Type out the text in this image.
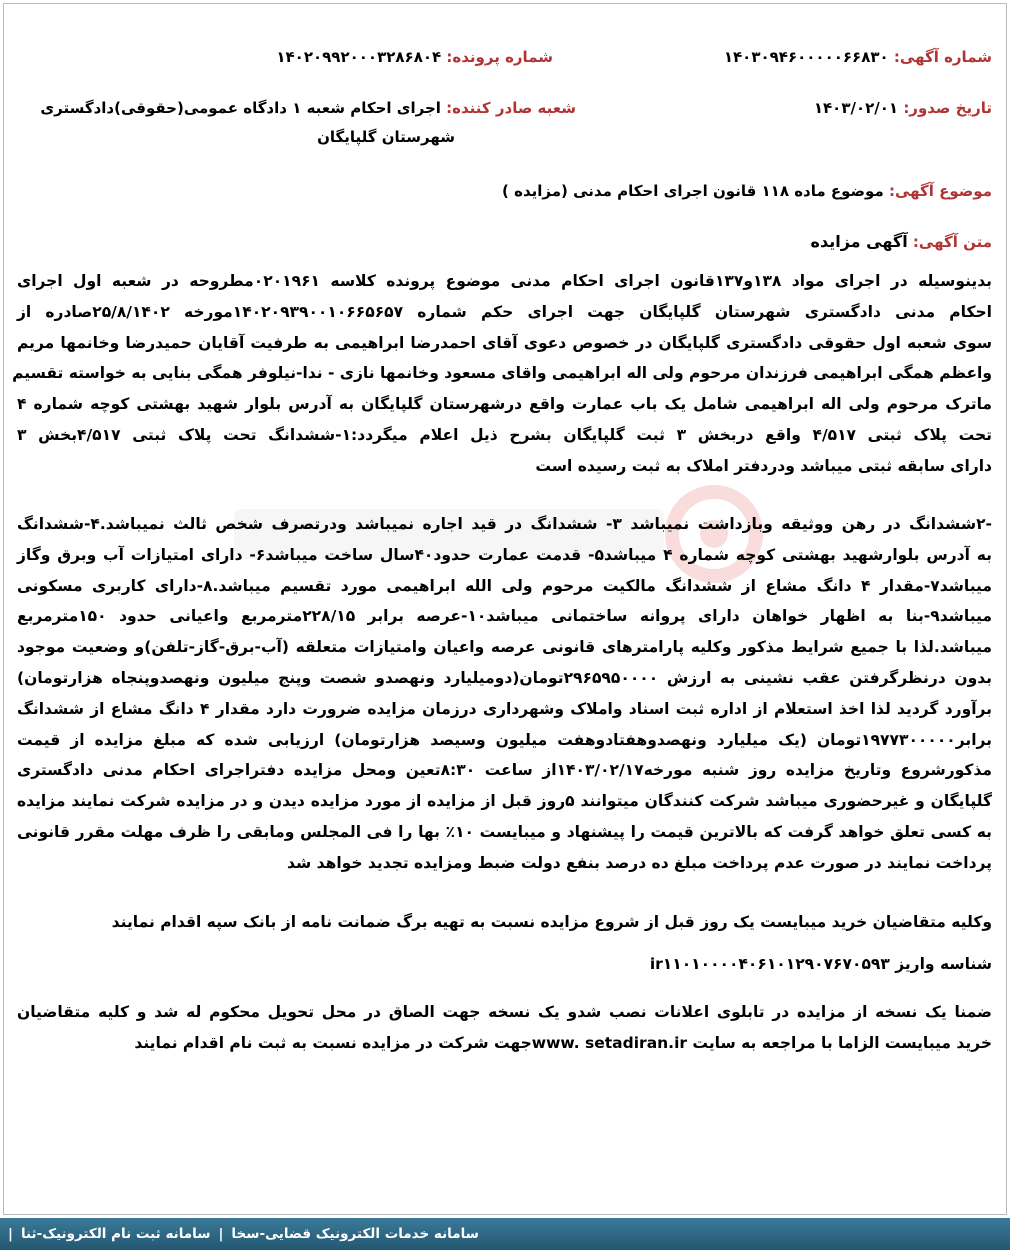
شماره آگهی: ۱۴۰۳۰۹۴۶۰۰۰۰۰۶۶۸۳۰
شماره پرونده: ۱۴۰۲۰۹۹۲۰۰۰۳۲۸۶۸۰۴
تاریخ صدور: ۱۴۰۳/۰۲/۰۱
شعبه صادر کننده: اجرای احکام شعبه ۱ دادگاه عمومی(حقوقی)دادگستری
شهرستان گلپایگان
موضوع آگهی: موضوع ماده ۱۱۸ قانون اجرای احکام مدنی (مزایده )
متن آگهی: آگهی مزایده
بدینوسیله در اجرای مواد ۱۳۸و۱۳۷قانون اجرای احکام مدنی موضوع پرونده کلاسه ۰۲۰۱۹۶۱مطروحه در شعبه اول اجرای
احکام مدنی دادگستری شهرستان گلپایگان جهت اجرای حکم شماره ۱۴۰۲۰۹۳۹۰۰۱۰۶۶۵۶۵۷مورخه ۲۵/۸/۱۴۰۲صادره از
سوی شعبه اول حقوقی دادگستری گلپایگان در خصوص دعوی آقای احمدرضا ابراهیمی به طرفیت آقایان حمیدرضا وخانمها مریم
واعظم همگی ابراهیمی فرزندان مرحوم ولی اله ابراهیمی واقای مسعود وخانمها نازی - ندا-نیلوفر همگی بنایی به خواسته تقسیم
ماترک مرحوم ولی اله ابراهیمی شامل یک باب عمارت واقع درشهرستان گلپایگان به آدرس بلوار شهید بهشتی کوچه شماره ۴
تحت پلاک ثبتی ۴/۵۱۷ واقع دربخش ۳ ثبت گلپایگان بشرح ذیل اعلام میگردد:۱-ششدانگ تحت پلاک ثبتی ۴/۵۱۷بخش ۳
دارای سابقه ثبتی میباشد ودردفتر املاک به ثبت رسیده است
-۲ششدانگ در رهن ووثیقه وبازداشت نمیباشد ۳- ششدانگ در قید اجاره نمیباشد ودرتصرف شخص ثالث نمیباشد.۴-ششدانگ
به آدرس بلوارشهید بهشتی کوچه شماره ۴ میباشد۵- قدمت عمارت حدود۴۰سال ساخت میباشد۶- دارای امتیازات آب وبرق وگاز
میباشد۷-مقدار ۴ دانگ مشاع از ششدانگ مالکیت مرحوم ولی الله ابراهیمی مورد تقسیم میباشد.۸-دارای کاربری مسکونی
میباشد۹-بنا به اظهار خواهان دارای پروانه ساختمانی میباشد۱۰-عرصه برابر ۲۲۸/۱۵مترمربع واعیانی حدود ۱۵۰مترمربع
میباشد.لذا با جمیع شرایط مذکور وکلیه پارامترهای قانونی عرصه واعیان وامتیازات متعلقه (آب-برق-گاز-تلفن)و وضعیت موجود
بدون درنظرگرفتن عقب نشینی به ارزش ۲۹۶۵۹۵۰۰۰۰تومان(دومیلیارد ونهصدو شصت وپنج میلیون ونهصدوپنجاه هزارتومان)
برآورد گردید لذا اخذ استعلام از اداره ثبت اسناد واملاک وشهرداری درزمان مزایده ضرورت دارد مقدار ۴ دانگ مشاع از ششدانگ
برابر۱۹۷۷۳۰۰۰۰۰تومان (یک میلیارد ونهصدوهفتادوهفت میلیون وسیصد هزارتومان) ارزیابی شده که مبلغ مزایده از قیمت
مذکورشروع وتاریخ مزایده روز شنبه مورخه۱۴۰۳/۰۲/۱۷از ساعت ۸:۳۰تعین ومحل مزایده دفتراجرای احکام مدنی دادگستری
گلپایگان و غیرحضوری میباشد شرکت کنندگان میتوانند ۵روز قبل از مزایده از مورد مزایده دیدن و در مزایده شرکت نمایند مزایده
به کسی تعلق خواهد گرفت که بالاترین قیمت را پیشنهاد و میبایست ۱۰٪ بها را فی المجلس ومابقی را ظرف مهلت مقرر قانونی
پرداخت نمایند در صورت عدم پرداخت مبلغ ده درصد بنفع دولت ضبط ومزایده تجدید خواهد شد
وکلیه متقاضیان خرید میبایست یک روز قبل از شروع مزایده نسبت به تهیه برگ ضمانت نامه از بانک سپه اقدام نمایند
شناسه واریز ir۱۱۰۱۰۰۰۰۴۰۶۱۰۱۲۹۰۷۶۷۰۵۹۳
ضمنا یک نسخه از مزایده در تابلوی اعلانات نصب شدو یک نسخه جهت الصاق در محل تحویل محکوم له شد و کلیه متقاضیان
خرید میبایست الزاما با مراجعه به سایت www. setadiran.irجهت شرکت در مزایده نسبت به ثبت نام اقدام نمایند
سامانه خدمات الکترونیک قضایی-سخا
|
سامانه ثبت نام الکترونیک-ثنا
|
